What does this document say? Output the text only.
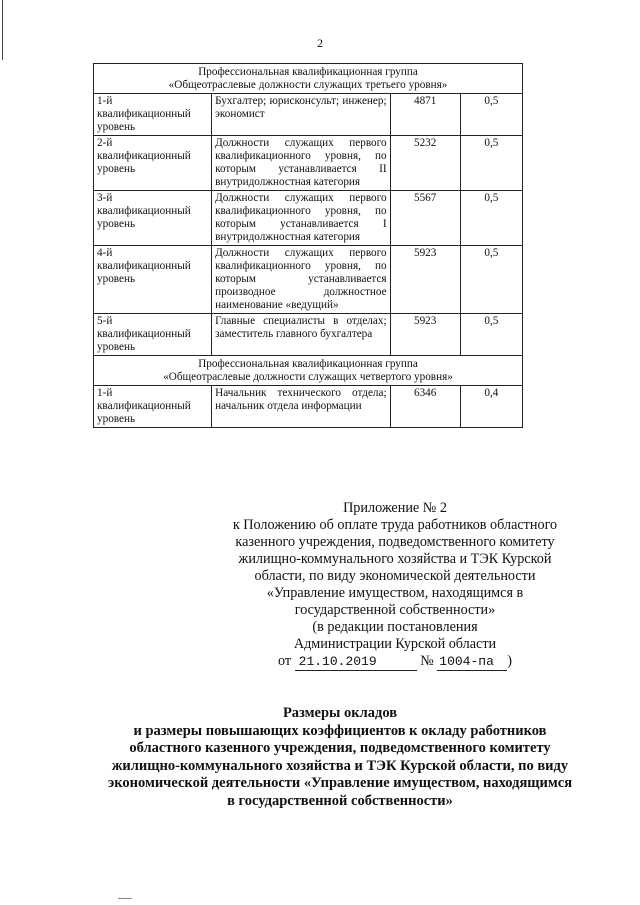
2
Профессиональная квалификационная группа
«Общеотраслевые должности служащих третьего уровня»			

1-й квалификационный уровень	Бухгалтер; юрисконсульт; инженер; экономист	4871	0,5
2-й квалификационный уровень	Должности служащих первого квалификационного уровня, по которым устанавливается II внутридолжностная категория	5232	0,5
3-й квалификационный уровень	Должности служащих первого квалификационного уровня, по которым устанавливается I внутридолжностная категория	5567	0,5
4-й квалификационный уровень	Должности служащих первого квалификационного уровня, по которым устанавливается производное должностное наименование «ведущий»	5923	0,5
5-й квалификационный уровень	Главные специалисты в отделах; заместитель главного бухгалтера	5923	0,5

Профессиональная квалификационная группа
«Общеотраслевые должности служащих четвертого уровня»			

1-й квалификационный уровень	Начальник технического отдела; начальник отдела информации	6346	0,4
Приложение № 2
к Положению об оплате труда работников областного
казенного учреждения, подведомственного комитету
жилищно-коммунального хозяйства и ТЭК Курской
области, по виду экономической деятельности
«Управление имуществом, находящимся в
государственной собственности»
(в редакции постановления
Администрации Курской области
от 21.10.2019	№ 1004-па )
Размеры окладов
и размеры повышающих коэффициентов к окладу работников
областного казенного учреждения, подведомственного комитету
жилищно-коммунального хозяйства и ТЭК Курской области, по виду
экономической деятельности «Управление имуществом, находящимся
в государственной собственности»
